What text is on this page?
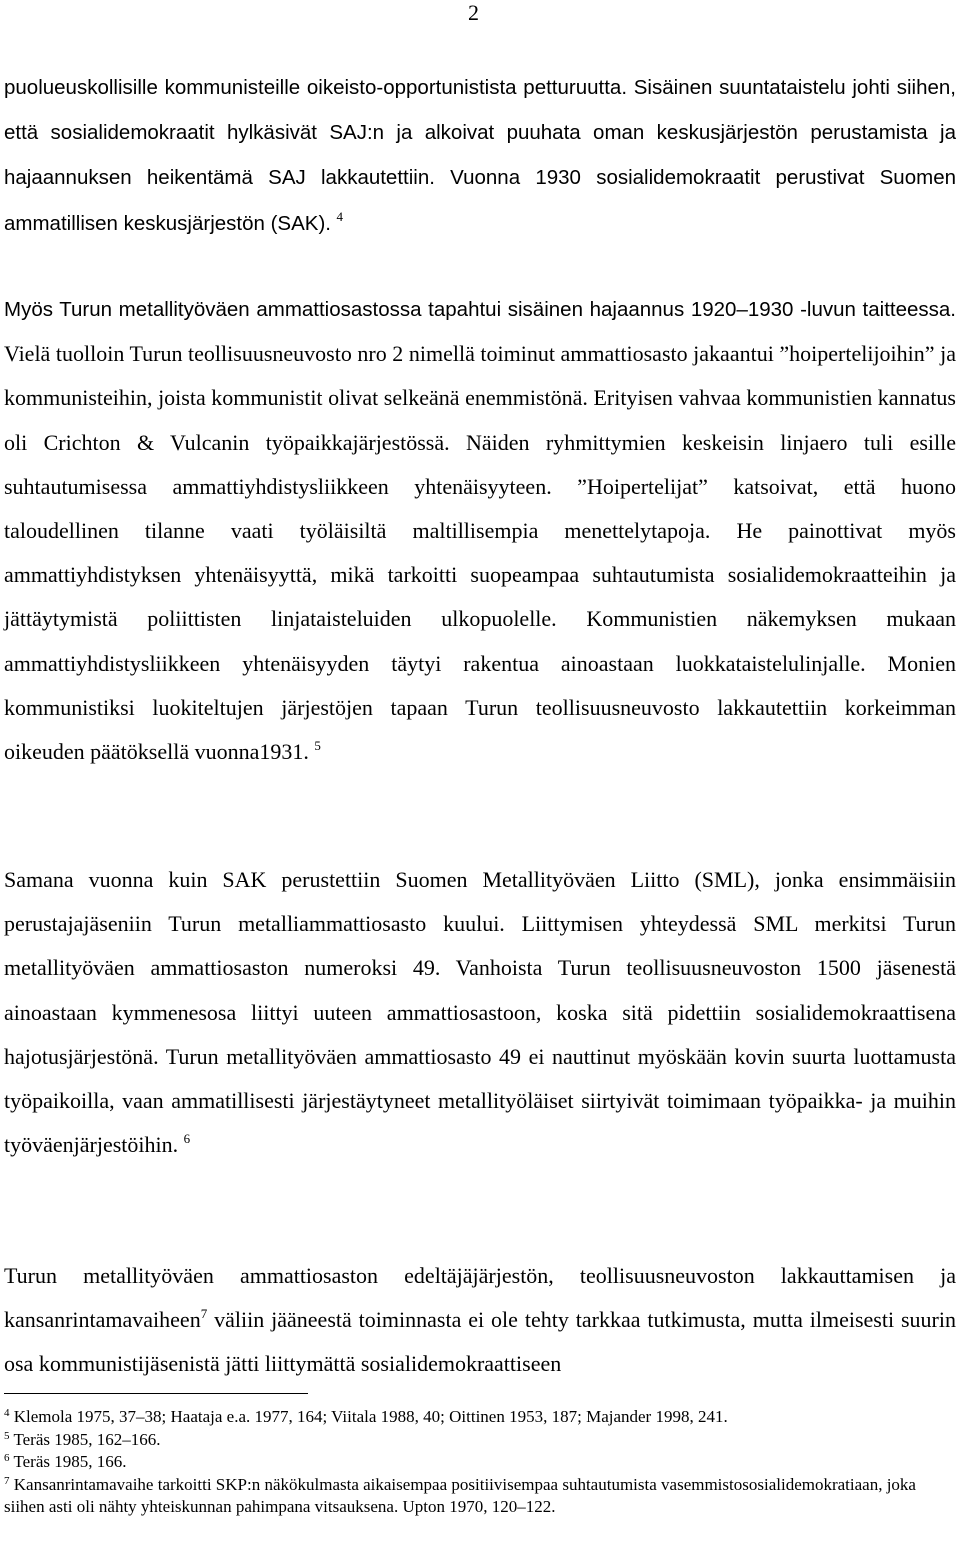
2

puolueuskollisille kommunisteille oikeisto-opportunistista petturuutta. Sisäinen suuntataistelu johti siihen, että sosialidemokraatit hylkäsivät SAJ:n ja alkoivat puuhata oman keskusjärjestön perustamista ja hajaannuksen heikentämä SAJ lakkautettiin. Vuonna 1930 sosialidemokraatit perustivat Suomen ammatillisen keskusjärjestön (SAK). $^4$

Myös Turun metallityöväen ammattiosastossa tapahtui sisäinen hajaannus 1920–1930 -luvun taitteessa. Vielä tuolloin Turun teollisuusneuvosto nro 2 nimellä toiminut ammattiosasto jakaantui ”hoipertelijoihin” ja kommunisteihin, joista kommunistit olivat selkeänä enemmistönä. Erityisen vahvaa kommunistien kannatus oli Crichton & Vulcanin työpaikkajärjestössä. Näiden ryhmittymien keskeisin linjaero tuli esille suhtautumisessa ammattiyhdistysliikkeen yhtenäisyyteen. ”Hoipertelijat” katsoivat, että huono taloudellinen tilanne vaati työläisiltä maltillisempia menettelytapoja. He painottivat myös ammattiyhdistyksen yhtenäisyyttä, mikä tarkoitti suopeampaa suhtautumista sosialidemokraatteihin ja jättäytymistä poliittisten linjataisteluiden ulkopuolelle. Kommunistien näkemyksen mukaan ammattiyhdistysliikkeen yhtenäisyyden täytyi rakentua ainoastaan luokkataistelulinjalle. Monien kommunistiksi luokiteltujen järjestöjen tapaan Turun teollisuusneuvosto lakkautettiin korkeimman oikeuden päätöksellä vuonna1931. $^5$

Samana vuonna kuin SAK perustettiin Suomen Metallityöväen Liitto (SML), jonka ensimmäisiin perustajajäseniin Turun metalliammattiosasto kuului. Liittymisen yhteydessä SML merkitsi Turun metallityöväen ammattiosaston numeroksi 49. Vanhoista Turun teollisuusneuvoston 1500 jäsenestä ainoastaan kymmenesosa liittyi uuteen ammattiosastoon, koska sitä pidettiin sosialidemokraattisena hajotusjärjestönä. Turun metallityöväen ammattiosasto 49 ei nauttinut myöskään kovin suurta luottamusta työpaikoilla, vaan ammatillisesti järjestäytyneet metallityöläiset siirtyivät toimimaan työpaikka- ja muihin työväenjärjestöihin. $^6$

Turun metallityöväen ammattiosaston edeltäjäjärjestön, teollisuusneuvoston lakkauttamisen ja kansanrintamavaiheen$^7$ väliin jääneestä toiminnasta ei ole tehty tarkkaa tutkimusta, mutta ilmeisesti suurin osa kommunistijäsenistä jätti liittymättä sosialidemokraattiseen

$^4$ Klemola 1975, 37–38; Haataja e.a. 1977, 164; Viitala 1988, 40; Oittinen 1953, 187; Majander 1998, 241.

$^5$ Teräs 1985, 162–166.

$^6$ Teräs 1985, 166.

$^7$ Kansanrintamavaihe tarkoitti SKP:n näkökulmasta aikaisempaa positiivisempaa suhtautumista vasemmistososialidemokratiaan, joka siihen asti oli nähty yhteiskunnan pahimpana vitsauksena. Upton 1970, 120–122.
